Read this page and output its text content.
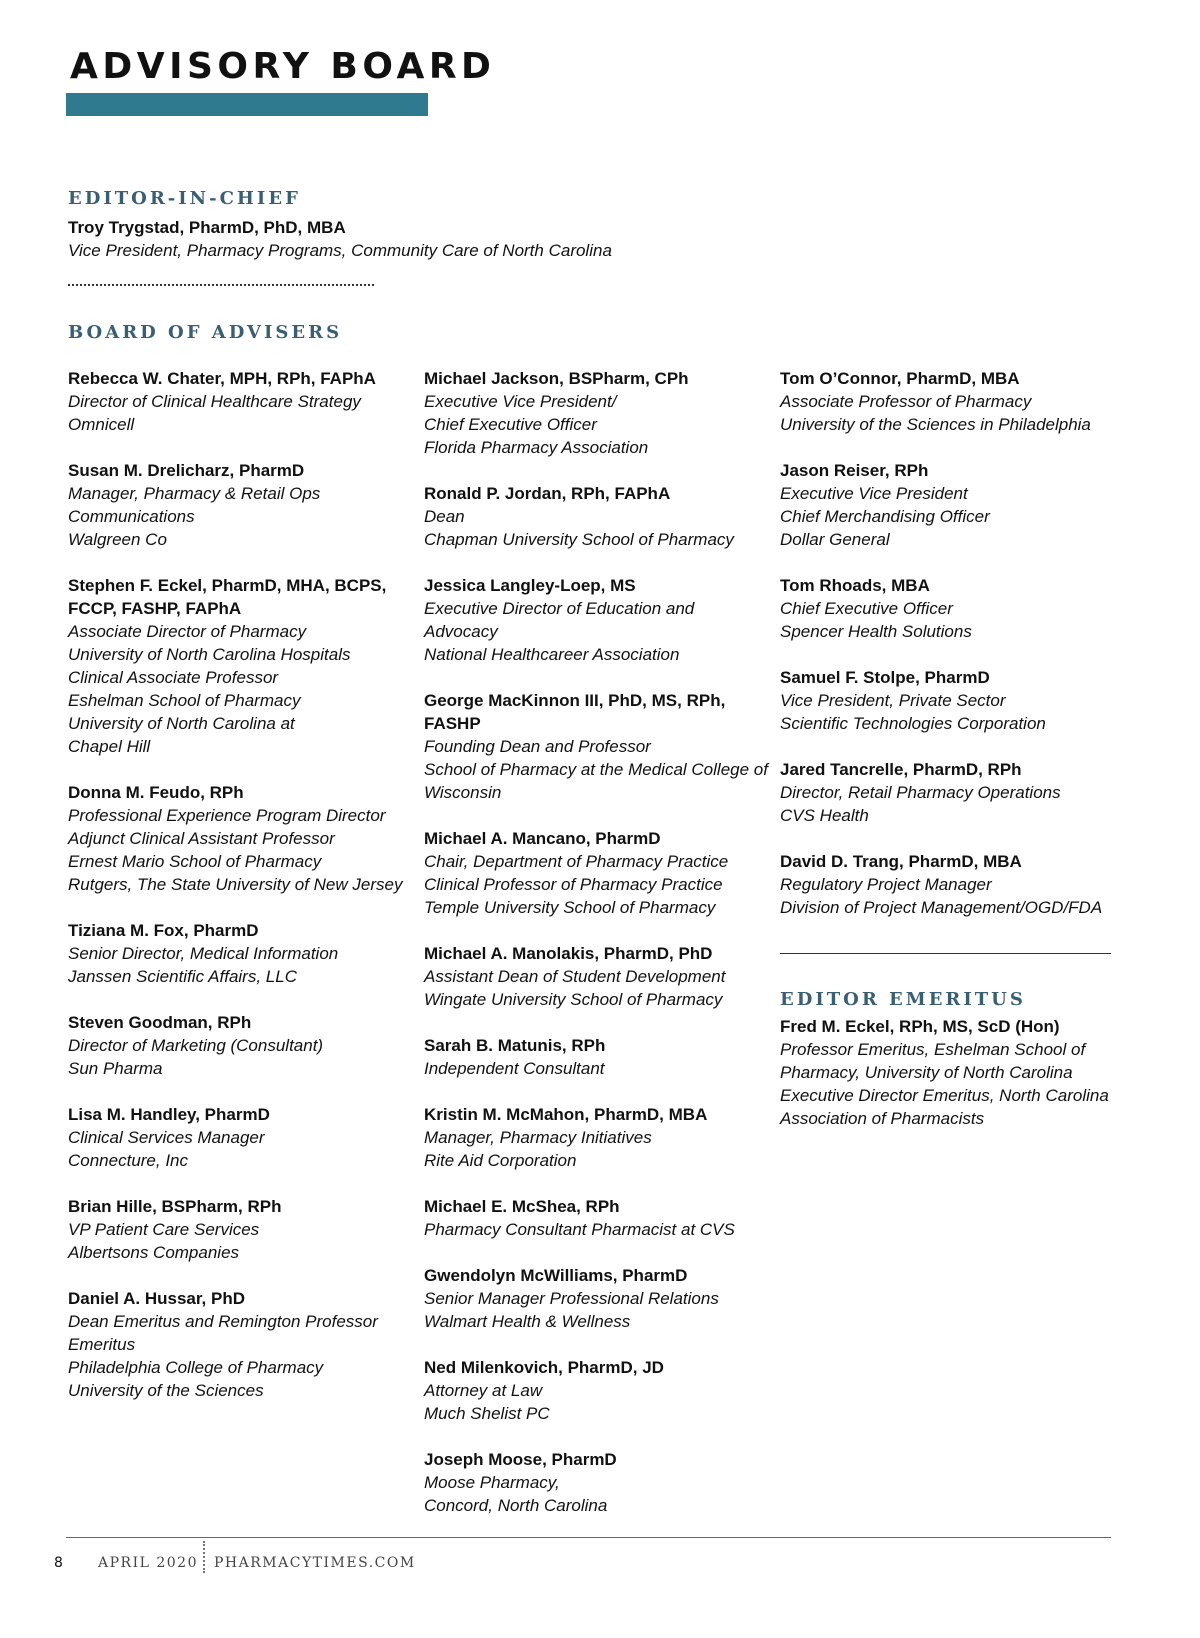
ADVISORY BOARD
EDITOR-IN-CHIEF
Troy Trygstad, PharmD, PhD, MBA
Vice President, Pharmacy Programs, Community Care of North Carolina
BOARD OF ADVISERS
Rebecca W. Chater, MPH, RPh, FAPhA
Director of Clinical Healthcare Strategy
Omnicell
Susan M. Drelicharz, PharmD
Manager, Pharmacy & Retail Ops
Communications
Walgreen Co
Stephen F. Eckel, PharmD, MHA, BCPS, FCCP, FASHP, FAPhA
Associate Director of Pharmacy
University of North Carolina Hospitals
Clinical Associate Professor
Eshelman School of Pharmacy
University of North Carolina at
Chapel Hill
Donna M. Feudo, RPh
Professional Experience Program Director
Adjunct Clinical Assistant Professor
Ernest Mario School of Pharmacy
Rutgers, The State University of New Jersey
Tiziana M. Fox, PharmD
Senior Director, Medical Information
Janssen Scientific Affairs, LLC
Steven Goodman, RPh
Director of Marketing (Consultant)
Sun Pharma
Lisa M. Handley, PharmD
Clinical Services Manager
Connecture, Inc
Brian Hille, BSPharm, RPh
VP Patient Care Services
Albertsons Companies
Daniel A. Hussar, PhD
Dean Emeritus and Remington Professor
Emeritus
Philadelphia College of Pharmacy
University of the Sciences
Michael Jackson, BSPharm, CPh
Executive Vice President/
Chief Executive Officer
Florida Pharmacy Association
Ronald P. Jordan, RPh, FAPhA
Dean
Chapman University School of Pharmacy
Jessica Langley-Loep, MS
Executive Director of Education and Advocacy
National Healthcareer Association
George MacKinnon III, PhD, MS, RPh, FASHP
Founding Dean and Professor
School of Pharmacy at the Medical College of
Wisconsin
Michael A. Mancano, PharmD
Chair, Department of Pharmacy Practice
Clinical Professor of Pharmacy Practice
Temple University School of Pharmacy
Michael A. Manolakis, PharmD, PhD
Assistant Dean of Student Development
Wingate University School of Pharmacy
Sarah B. Matunis, RPh
Independent Consultant
Kristin M. McMahon, PharmD, MBA
Manager, Pharmacy Initiatives
Rite Aid Corporation
Michael E. McShea, RPh
Pharmacy Consultant Pharmacist at CVS
Gwendolyn McWilliams, PharmD
Senior Manager Professional Relations
Walmart Health & Wellness
Ned Milenkovich, PharmD, JD
Attorney at Law
Much Shelist PC
Joseph Moose, PharmD
Moose Pharmacy,
Concord, North Carolina
Tom O’Connor, PharmD, MBA
Associate Professor of Pharmacy
University of the Sciences in Philadelphia
Jason Reiser, RPh
Executive Vice President
Chief Merchandising Officer
Dollar General
Tom Rhoads, MBA
Chief Executive Officer
Spencer Health Solutions
Samuel F. Stolpe, PharmD
Vice President, Private Sector
Scientific Technologies Corporation
Jared Tancrelle, PharmD, RPh
Director, Retail Pharmacy Operations
CVS Health
David D. Trang, PharmD, MBA
Regulatory Project Manager
Division of Project Management/OGD/FDA
EDITOR EMERITUS
Fred M. Eckel, RPh, MS, ScD (Hon)
Professor Emeritus, Eshelman School of
Pharmacy, University of North Carolina
Executive Director Emeritus, North Carolina
Association of Pharmacists
8	APRIL 2020 PHARMACYTIMES.COM
